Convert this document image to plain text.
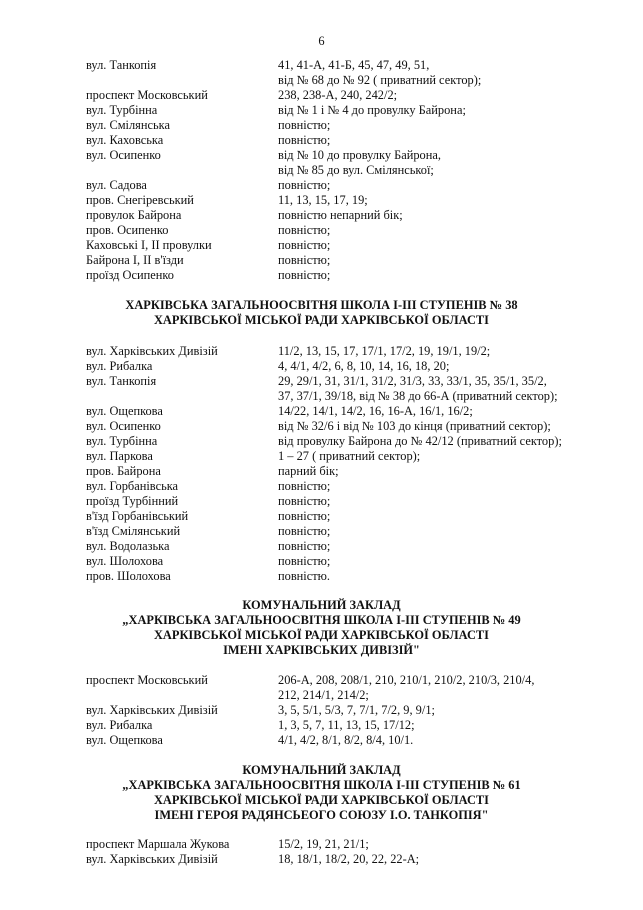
6
вул. Танкопія	41, 41-А, 41-Б, 45, 47, 49, 51,
від № 68 до № 92 ( приватний сектор);
проспект Московський	238, 238-А, 240, 242/2;
вул. Турбінна	від № 1 і № 4 до провулку Байрона;
вул. Смілянська	повністю;
вул. Каховська	повністю;
вул. Осипенко	від № 10 до провулку Байрона,
від № 85 до вул. Смілянської;
вул. Садова	повністю;
пров. Снегіревський	11, 13, 15, 17, 19;
провулок Байрона	повністю непарний бік;
пров. Осипенко	повністю;
Каховські І, ІІ провулки	повністю;
Байрона І, ІІ в'їзди	повністю;
проїзд Осипенко	повністю;
ХАРКІВСЬКА ЗАГАЛЬНООСВІТНЯ ШКОЛА І-ІІІ СТУПЕНІВ № 38
ХАРКІВСЬКОЇ МІСЬКОЇ РАДИ ХАРКІВСЬКОЇ ОБЛАСТІ
вул. Харківських Дивізій	11/2, 13, 15, 17, 17/1, 17/2, 19, 19/1, 19/2;
вул. Рибалка	4, 4/1, 4/2, 6, 8, 10, 14, 16, 18, 20;
вул. Танкопія	29, 29/1, 31, 31/1, 31/2, 31/3, 33, 33/1, 35, 35/1, 35/2,
37, 37/1, 39/18, від № 38 до 66-А (приватний сектор);
вул. Ощепкова	14/22, 14/1, 14/2, 16, 16-А, 16/1, 16/2;
вул. Осипенко	від № 32/6 і від № 103 до кінця (приватний сектор);
вул. Турбінна	від провулку Байрона до № 42/12 (приватний сектор);
вул. Паркова	1 – 27 ( приватний сектор);
пров. Байрона	парний бік;
вул. Горбанівська	повністю;
проїзд Турбінний	повністю;
в'їзд Горбанівський	повністю;
в'їзд Смілянський	повністю;
вул. Водолазька	повністю;
вул. Шолохова	повністю;
пров. Шолохова	повністю.
КОМУНАЛЬНИЙ ЗАКЛАД
„ХАРКІВСЬКА ЗАГАЛЬНООСВІТНЯ ШКОЛА І-ІІІ СТУПЕНІВ № 49
ХАРКІВСЬКОЇ МІСЬКОЇ РАДИ ХАРКІВСЬКОЇ ОБЛАСТІ
ІМЕНІ ХАРКІВСЬКИХ ДИВІЗІЙ"
проспект Московський	206-А, 208, 208/1, 210, 210/1, 210/2, 210/3, 210/4,
212, 214/1, 214/2;
вул. Харківських Дивізій	3, 5, 5/1, 5/3, 7, 7/1, 7/2, 9, 9/1;
вул. Рибалка	1, 3, 5, 7, 11, 13, 15, 17/12;
вул. Ощепкова	4/1, 4/2, 8/1, 8/2, 8/4, 10/1.
КОМУНАЛЬНИЙ ЗАКЛАД
„ХАРКІВСЬКА ЗАГАЛЬНООСВІТНЯ ШКОЛА І-ІІІ СТУПЕНІВ № 61
ХАРКІВСЬКОЇ МІСЬКОЇ РАДИ ХАРКІВСЬКОЇ ОБЛАСТІ
ІМЕНІ ГЕРОЯ РАДЯНСЬЕОГО СОЮЗУ І.О. ТАНКОПІЯ"
проспект Маршала Жукова	15/2, 19, 21, 21/1;
вул. Харківських Дивізій	18, 18/1, 18/2, 20, 22, 22-А;
